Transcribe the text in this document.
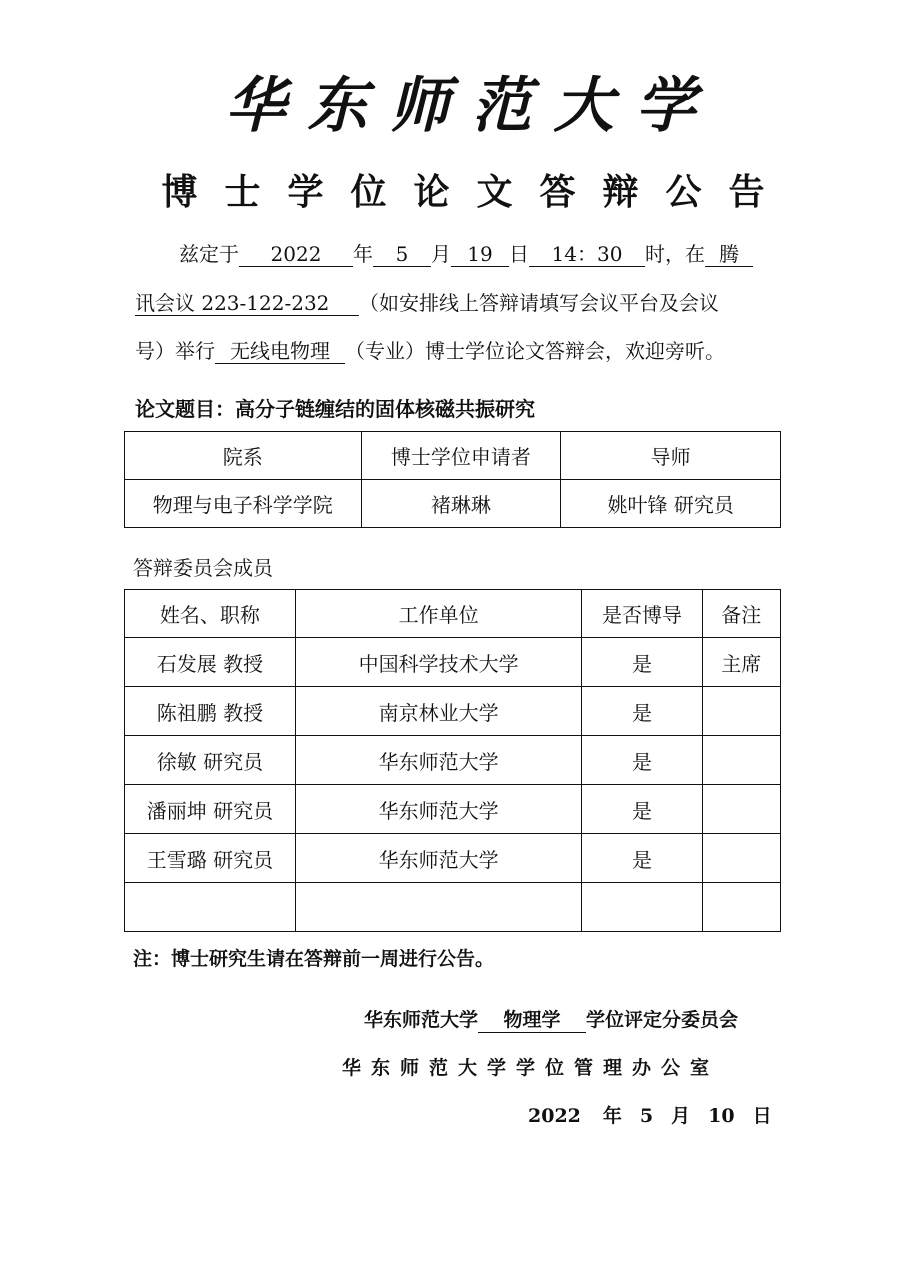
华东师范大学
博士学位论文答辩公告
兹定于 2022 年 5 月 19 日 14：30 时，在 腾
讯会议 223-122-232 （如安排线上答辩请填写会议平台及会议
号）举行 无线电物理 （专业）博士学位论文答辩会，欢迎旁听。
论文题目：高分子链缠结的固体核磁共振研究
院系	博士学位申请者	导师
物理与电子科学学院	褚琳琳	姚叶锋 研究员
答辩委员会成员
姓名、职称	工作单位	是否博导	备注
石发展 教授	中国科学技术大学	是	主席
陈祖鹏 教授	南京林业大学	是	
徐敏 研究员	华东师范大学	是	
潘丽坤 研究员	华东师范大学	是	
王雪璐 研究员	华东师范大学	是	

注：博士研究生请在答辩前一周进行公告。
华东师范大学 物理学 学位评定分委员会
华东师范大学学位管理办公室
2022 年 5 月 10 日
